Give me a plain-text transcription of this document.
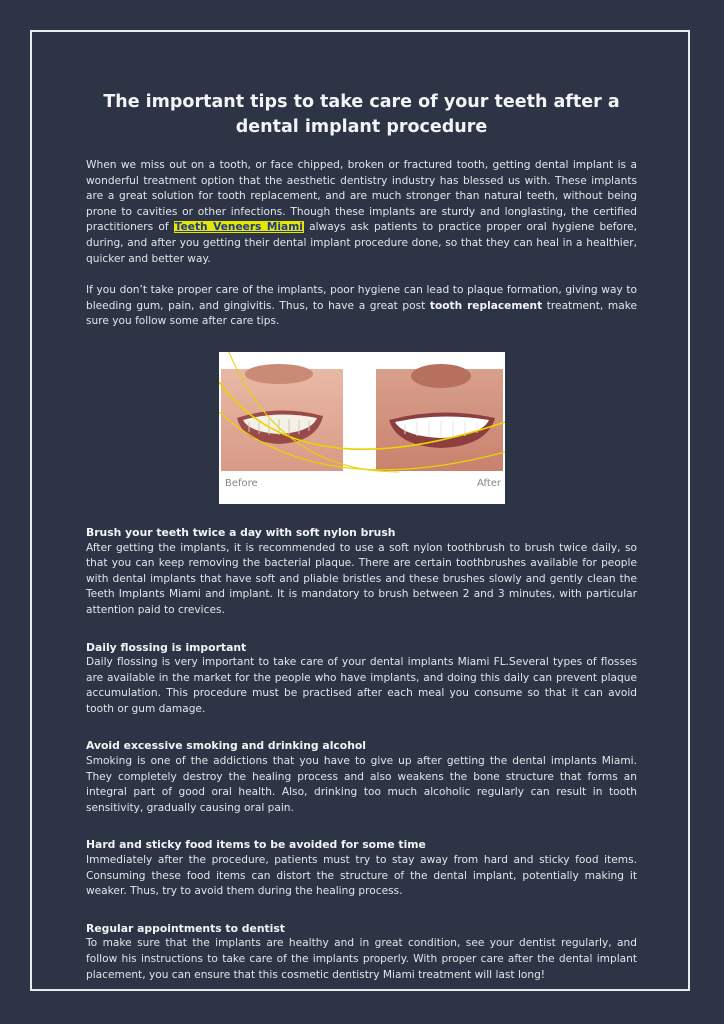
The important tips to take care of your teeth after a dental implant procedure

When we miss out on a tooth, or face chipped, broken or fractured tooth, getting dental implant is a wonderful treatment option that the aesthetic dentistry industry has blessed us with. These implants are a great solution for tooth replacement, and are much stronger than natural teeth, without being prone to cavities or other infections. Though these implants are sturdy and longlasting, the certified practitioners of Teeth Veneers Miami always ask patients to practice proper oral hygiene before, during, and after you getting their dental implant procedure done, so that they can heal in a healthier, quicker and better way.

If you don’t take proper care of the implants, poor hygiene can lead to plaque formation, giving way to bleeding gum, pain, and gingivitis. Thus, to have a great post tooth replacement treatment, make sure you follow some after care tips.

Before	After
Brush your teeth twice a day with soft nylon brush

After getting the implants, it is recommended to use a soft nylon toothbrush to brush twice daily, so that you can keep removing the bacterial plaque. There are certain toothbrushes available for people with dental implants that have soft and pliable bristles and these brushes slowly and gently clean the Teeth Implants Miami and implant. It is mandatory to brush between 2 and 3 minutes, with particular attention paid to crevices.

Daily flossing is important

Daily flossing is very important to take care of your dental implants Miami FL.Several types of flosses are available in the market for the people who have implants, and doing this daily can prevent plaque accumulation. This procedure must be practised after each meal you consume so that it can avoid tooth or gum damage.

Avoid excessive smoking and drinking alcohol

Smoking is one of the addictions that you have to give up after getting the dental implants Miami. They completely destroy the healing process and also weakens the bone structure that forms an integral part of good oral health. Also, drinking too much alcoholic regularly can result in tooth sensitivity, gradually causing oral pain.

Hard and sticky food items to be avoided for some time

Immediately after the procedure, patients must try to stay away from hard and sticky food items. Consuming these food items can distort the structure of the dental implant, potentially making it weaker. Thus, try to avoid them during the healing process.

Regular appointments to dentist

To make sure that the implants are healthy and in great condition, see your dentist regularly, and follow his instructions to take care of the implants properly. With proper care after the dental implant placement, you can ensure that this cosmetic dentistry Miami treatment will last long!
